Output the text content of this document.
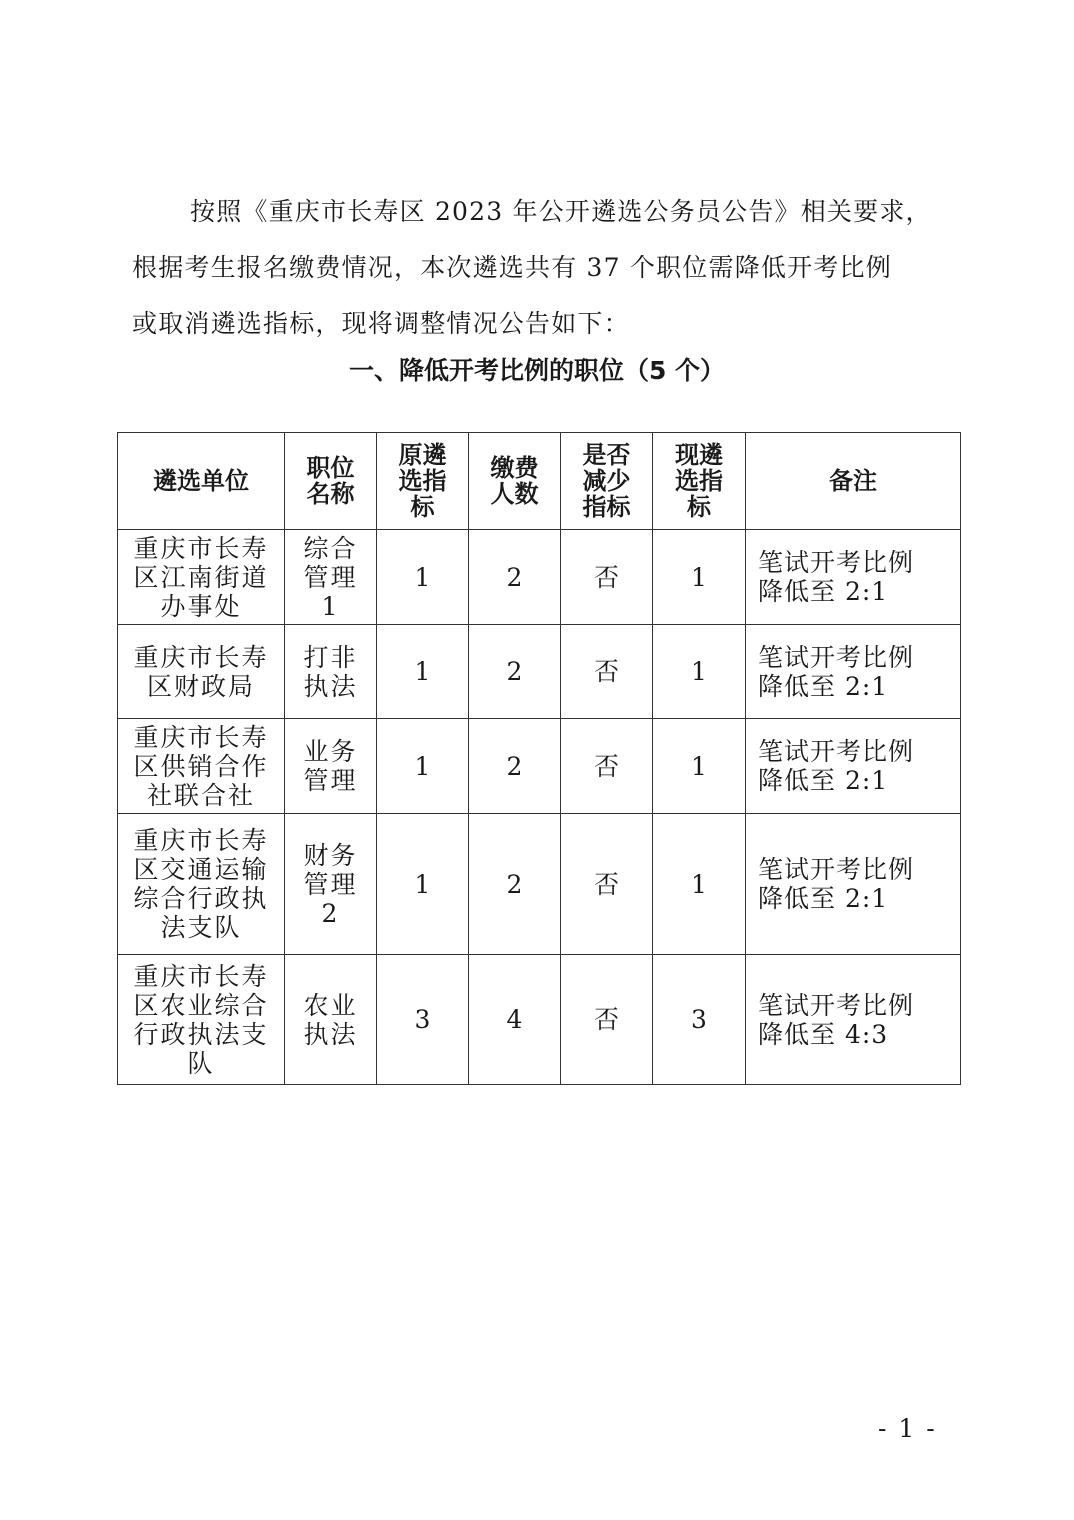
按照《重庆市长寿区 2023 年公开遴选公务员公告》相关要求，
根据考生报名缴费情况，本次遴选共有 37 个职位需降低开考比例
或取消遴选指标，现将调整情况公告如下：
一、降低开考比例的职位（5 个）
遴选单位	职位名称	原遴选指标	缴费人数	是否减少指标	现遴选指标	备注
重庆市长寿区江南街道办事处	综合管理1	1	2	否	1	笔试开考比例降低至 2:1
重庆市长寿区财政局	打非执法	1	2	否	1	笔试开考比例降低至 2:1
重庆市长寿区供销合作社联合社	业务管理	1	2	否	1	笔试开考比例降低至 2:1
重庆市长寿区交通运输综合行政执法支队	财务管理2	1	2	否	1	笔试开考比例降低至 2:1
重庆市长寿区农业综合行政执法支队	农业执法	3	4	否	3	笔试开考比例降低至 4:3
- 1 -
